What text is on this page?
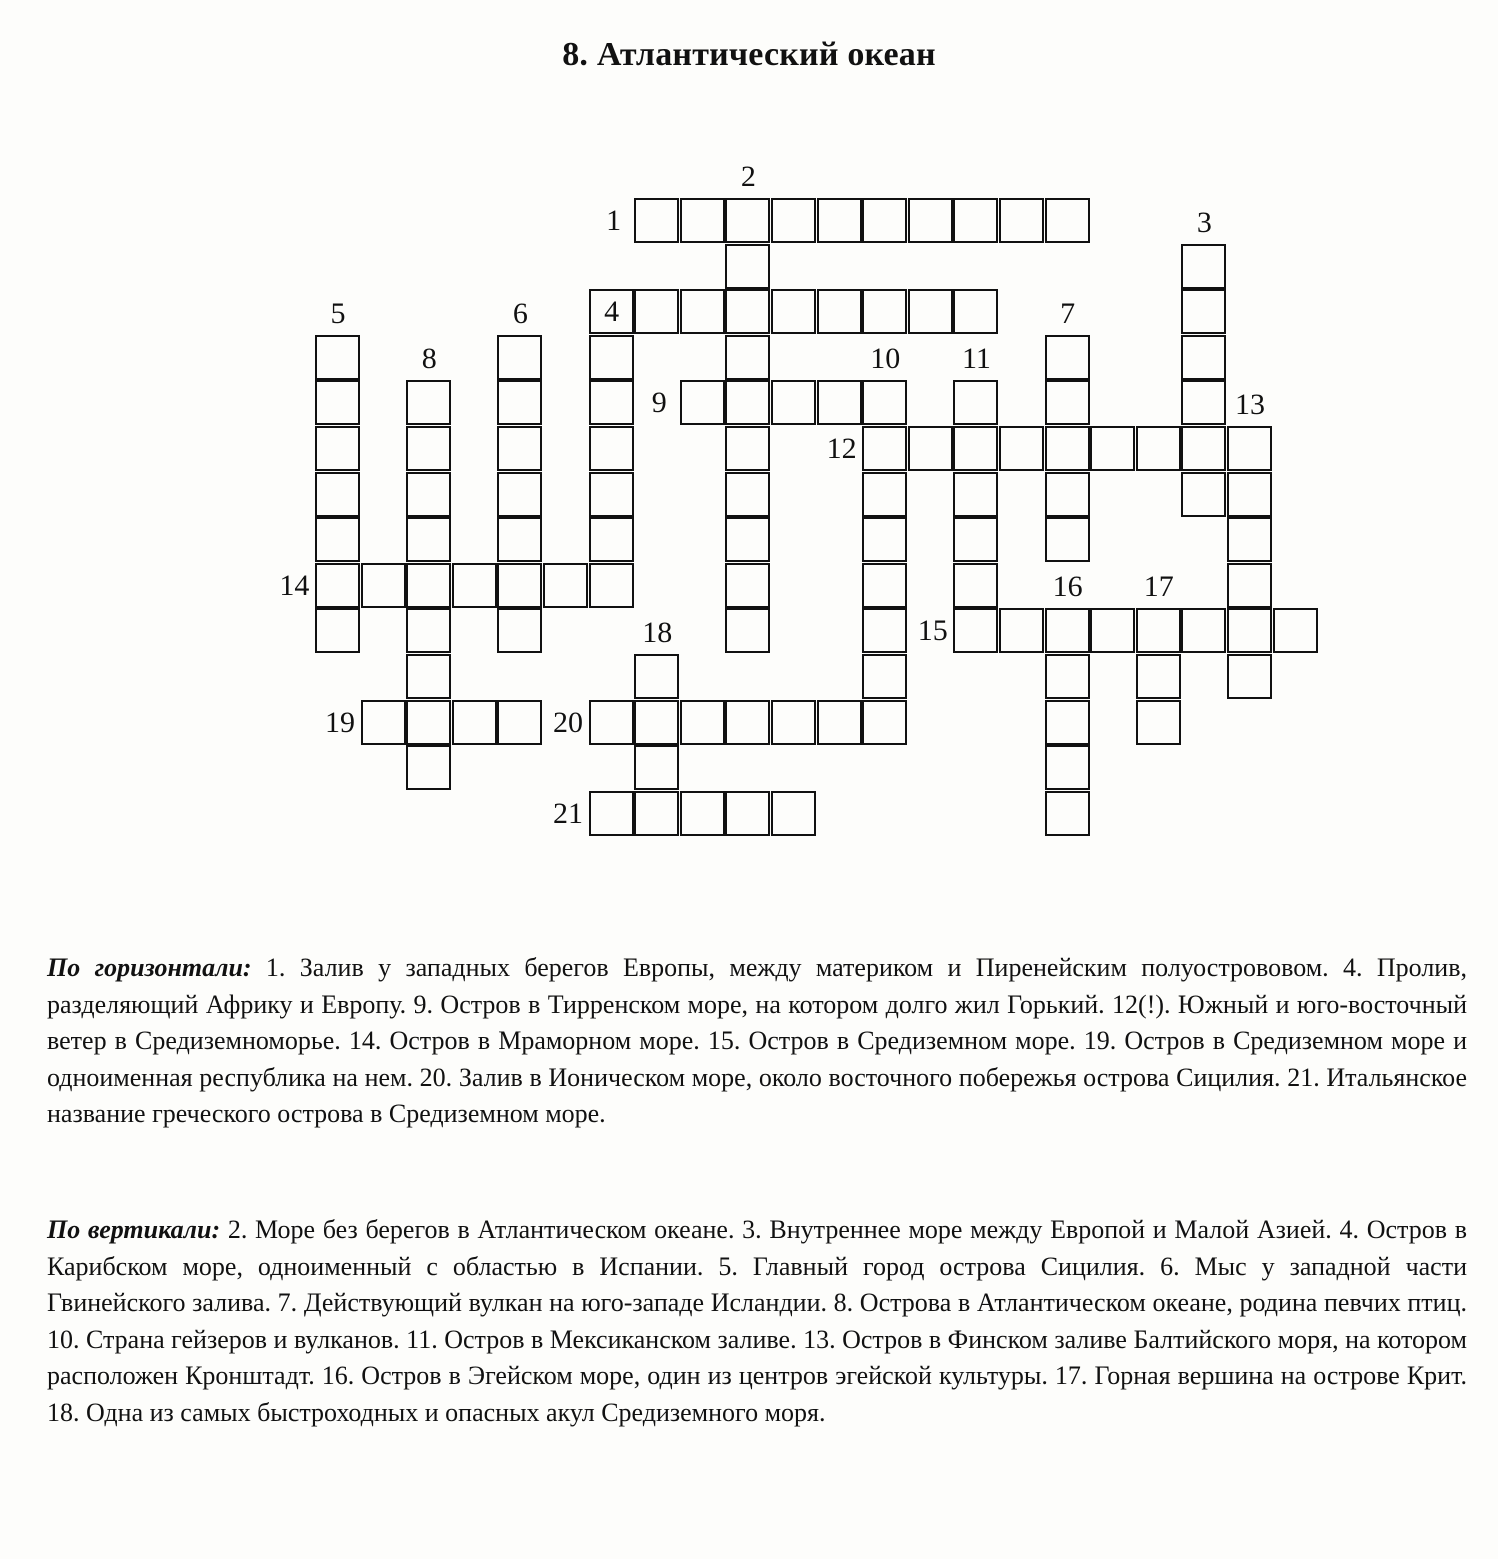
8. Атлантический океан
1
2
3
4
5	6	7
8
9
10 11
12
13
14
15
16 17
18
19	20
21
По горизонтали: 1. Залив у западных берегов Европы, между материком и Пиренейским полуострововом. 4. Пролив, разделяющий Африку и Европу. 9. Остров в Тирренском море, на котором долго жил Горький. 12(!). Южный и юго-восточный ветер в Средиземноморье. 14. Остров в Мраморном море. 15. Остров в Средиземном море. 19. Остров в Средиземном море и одноименная республика на нем. 20. Залив в Ионическом море, около восточного побережья острова Сицилия. 21. Итальянское название греческого острова в Средиземном море.
По вертикали: 2. Море без берегов в Атлантическом океане. 3. Внутреннее море между Европой и Малой Азией. 4. Остров в Карибском море, одноименный с областью в Испании. 5. Главный город острова Сицилия. 6. Мыс у западной части Гвинейского залива. 7. Действующий вулкан на юго-западе Исландии. 8. Острова в Атлантическом океане, родина певчих птиц. 10. Страна гейзеров и вулканов. 11. Остров в Мексиканском заливе. 13. Остров в Финском заливе Балтийского моря, на котором расположен Кронштадт. 16. Остров в Эгейском море, один из центров эгейской культуры. 17. Горная вершина на острове Крит. 18. Одна из самых быстроходных и опасных акул Средиземного моря.
